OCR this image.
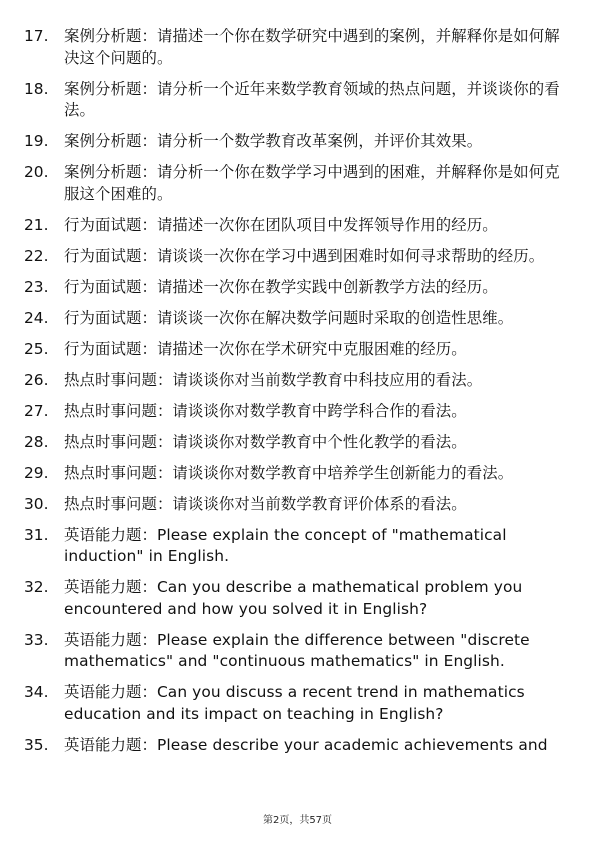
17.	案例分析题：请描述一个你在数学研究中遇到的案例，并解释你是如何解决这个问题的。
18.	案例分析题：请分析一个近年来数学教育领域的热点问题，并谈谈你的看法。
19.	案例分析题：请分析一个数学教育改革案例，并评价其效果。
20.	案例分析题：请分析一个你在数学学习中遇到的困难，并解释你是如何克服这个困难的。
21.	行为面试题：请描述一次你在团队项目中发挥领导作用的经历。
22.	行为面试题：请谈谈一次你在学习中遇到困难时如何寻求帮助的经历。
23.	行为面试题：请描述一次你在教学实践中创新教学方法的经历。
24.	行为面试题：请谈谈一次你在解决数学问题时采取的创造性思维。
25.	行为面试题：请描述一次你在学术研究中克服困难的经历。
26.	热点时事问题：请谈谈你对当前数学教育中科技应用的看法。
27.	热点时事问题：请谈谈你对数学教育中跨学科合作的看法。
28.	热点时事问题：请谈谈你对数学教育中个性化教学的看法。
29.	热点时事问题：请谈谈你对数学教育中培养学生创新能力的看法。
30.	热点时事问题：请谈谈你对当前数学教育评价体系的看法。
31.	英语能力题：Please explain the concept of "mathematical induction" in English.
32.	英语能力题：Can you describe a mathematical problem you encountered and how you solved it in English?
33.	英语能力题：Please explain the difference between "discrete mathematics" and "continuous mathematics" in English.
34.	英语能力题：Can you discuss a recent trend in mathematics education and its impact on teaching in English?
35.	英语能力题：Please describe your academic achievements and
第2页，共57页
